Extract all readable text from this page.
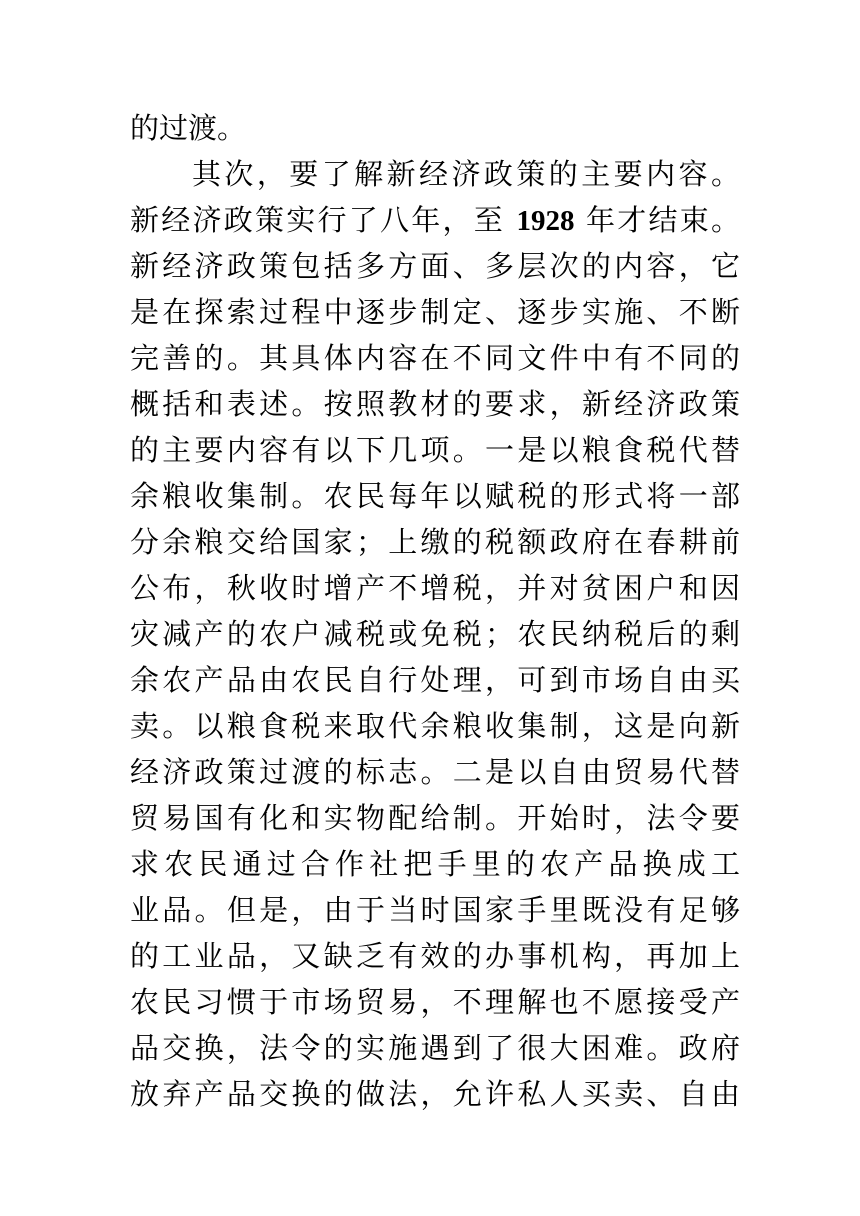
的过渡。
其次，要了解新经济政策的主要内容。
新经济政策实行了八年，至 1928 年才结束。
新经济政策包括多方面、多层次的内容，它
是在探索过程中逐步制定、逐步实施、不断
完善的。其具体内容在不同文件中有不同的
概括和表述。按照教材的要求，新经济政策
的主要内容有以下几项。一是以粮食税代替
余粮收集制。农民每年以赋税的形式将一部
分余粮交给国家；上缴的税额政府在春耕前
公布，秋收时增产不增税，并对贫困户和因
灾减产的农户减税或免税；农民纳税后的剩
余农产品由农民自行处理，可到市场自由买
卖。以粮食税来取代余粮收集制，这是向新
经济政策过渡的标志。二是以自由贸易代替
贸易国有化和实物配给制。开始时，法令要
求农民通过合作社把手里的农产品换成工
业品。但是，由于当时国家手里既没有足够
的工业品，又缺乏有效的办事机构，再加上
农民习惯于市场贸易，不理解也不愿接受产
品交换，法令的实施遇到了很大困难。政府
放弃产品交换的做法，允许私人买卖、自由
